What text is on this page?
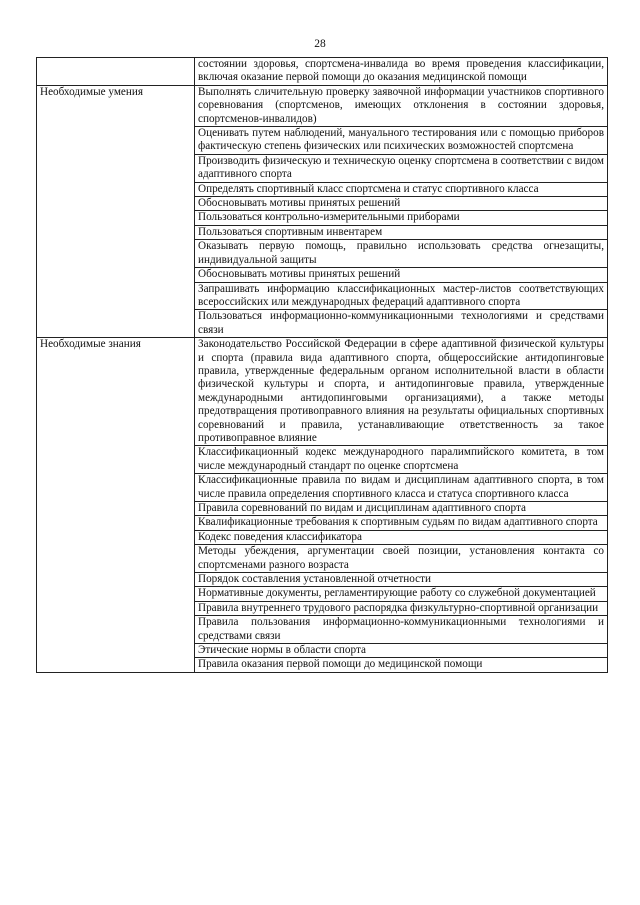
28
	состоянии здоровья, спортсмена-инвалида во время проведения классификации, включая оказание первой помощи до оказания медицинской помощи
Необходимые умения	Выполнять сличительную проверку заявочной информации участников спортивного соревнования (спортсменов, имеющих отклонения в состоянии здоровья, спортсменов-инвалидов)
	Оценивать путем наблюдений, мануального тестирования или с помощью приборов фактическую степень физических или психических возможностей спортсмена
	Производить физическую и техническую оценку спортсмена в соответствии с видом адаптивного спорта
	Определять спортивный класс спортсмена и статус спортивного класса
	Обосновывать мотивы принятых решений
	Пользоваться контрольно-измерительными приборами
	Пользоваться спортивным инвентарем
	Оказывать первую помощь, правильно использовать средства огнезащиты, индивидуальной защиты
	Обосновывать мотивы принятых решений
	Запрашивать информацию классификационных мастер-листов соответствующих всероссийских или международных федераций адаптивного спорта
	Пользоваться информационно-коммуникационными технологиями и средствами связи
Необходимые знания	Законодательство Российской Федерации в сфере адаптивной физической культуры и спорта (правила вида адаптивного спорта, общероссийские антидопинговые правила, утвержденные федеральным органом исполнительной власти в области физической культуры и спорта, и антидопинговые правила, утвержденные международными антидопинговыми организациями), а также методы предотвращения противоправного влияния на результаты официальных спортивных соревнований и правила, устанавливающие ответственность за такое противоправное влияние
	Классификационный кодекс международного паралимпийского комитета, в том числе международный стандарт по оценке спортсмена
	Классификационные правила по видам и дисциплинам адаптивного спорта, в том числе правила определения спортивного класса и статуса спортивного класса
	Правила соревнований по видам и дисциплинам адаптивного спорта
	Квалификационные требования к спортивным судьям по видам адаптивного спорта
	Кодекс поведения классификатора
	Методы убеждения, аргументации своей позиции, установления контакта со спортсменами разного возраста
	Порядок составления установленной отчетности
	Нормативные документы, регламентирующие работу со служебной документацией
	Правила внутреннего трудового распорядка физкультурно-спортивной организации
	Правила пользования информационно-коммуникационными технологиями и средствами связи
	Этические нормы в области спорта
	Правила оказания первой помощи до медицинской помощи
